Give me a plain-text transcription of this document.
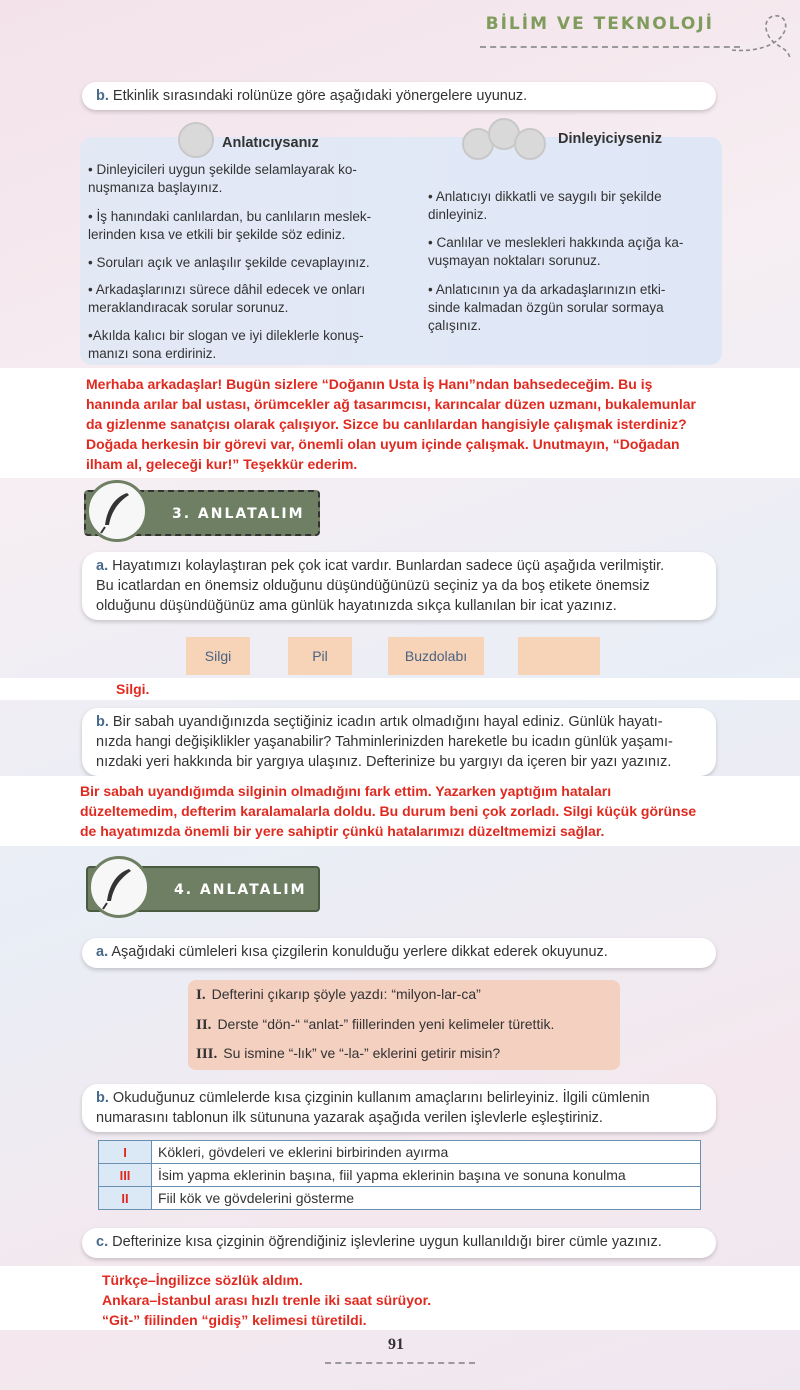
BİLİM VE TEKNOLOJİ
b. Etkinlik sırasındaki rolünüze göre aşağıdaki yönergelere uyunuz.
Anlatıcıysanız	Dinleyiciyseniz
• Dinleyicileri uygun şekilde selamlayarak ko-
nuşmanıza başlayınız.
• İş hanındaki canlılardan, bu canlıların meslek-
lerinden kısa ve etkili bir şekilde söz ediniz.
• Soruları açık ve anlaşılır şekilde cevaplayınız.
• Arkadaşlarınızı sürece dâhil edecek ve onları
meraklandıracak sorular sorunuz.
•Akılda kalıcı bir slogan ve iyi dileklerle konuş-
manızı sona erdiriniz.
• Anlatıcıyı dikkatli ve saygılı bir şekilde
dinleyiniz.
• Canlılar ve meslekleri hakkında açığa ka-
vuşmayan noktaları sorunuz.
• Anlatıcının ya da arkadaşlarınızın etki-
sinde kalmadan özgün sorular sormaya
çalışınız.
Merhaba arkadaşlar! Bugün sizlere “Doğanın Usta İş Hanı”ndan bahsedeceğim. Bu iş
hanında arılar bal ustası, örümcekler ağ tasarımcısı, karıncalar düzen uzmanı, bukalemunlar
da gizlenme sanatçısı olarak çalışıyor. Sizce bu canlılardan hangisiyle çalışmak isterdiniz?
Doğada herkesin bir görevi var, önemli olan uyum içinde çalışmak. Unutmayın, “Doğadan
ilham al, geleceği kur!” Teşekkür ederim.
3. ANLATALIM
a. Hayatımızı kolaylaştıran pek çok icat vardır. Bunlardan sadece üçü aşağıda verilmiştir.
Bu icatlardan en önemsiz olduğunu düşündüğünüzü seçiniz ya da boş etikete önemsiz
olduğunu düşündüğünüz ama günlük hayatınızda sıkça kullanılan bir icat yazınız.
Silgi	Pil	Buzdolabı
Silgi.
b. Bir sabah uyandığınızda seçtiğiniz icadın artık olmadığını hayal ediniz. Günlük hayatı-
nızda hangi değişiklikler yaşanabilir? Tahminlerinizden hareketle bu icadın günlük yaşamı-
nızdaki yeri hakkında bir yargıya ulaşınız. Defterinize bu yargıyı da içeren bir yazı yazınız.
Bir sabah uyandığımda silginin olmadığını fark ettim. Yazarken yaptığım hataları
düzeltemedim, defterim karalamalarla doldu. Bu durum beni çok zorladı. Silgi küçük görünse
de hayatımızda önemli bir yere sahiptir çünkü hatalarımızı düzeltmemizi sağlar.
4. ANLATALIM
a. Aşağıdaki cümleleri kısa çizgilerin konulduğu yerlere dikkat ederek okuyunuz.
I. Defterini çıkarıp şöyle yazdı: “milyon-lar-ca”
II. Derste “dön-“ “anlat-” fiillerinden yeni kelimeler türettik.
III. Su ismine “-lık” ve “-la-” eklerini getirir misin?
b. Okuduğunuz cümlelerde kısa çizginin kullanım amaçlarını belirleyiniz. İlgili cümlenin
numarasını tablonun ilk sütununa yazarak aşağıda verilen işlevlerle eşleştiriniz.
I	Kökleri, gövdeleri ve eklerini birbirinden ayırma
III	İsim yapma eklerinin başına, fiil yapma eklerinin başına ve sonuna konulma
II	Fiil kök ve gövdelerini gösterme
c. Defterinize kısa çizginin öğrendiğiniz işlevlerine uygun kullanıldığı birer cümle yazınız.
Türkçe–İngilizce sözlük aldım.
Ankara–İstanbul arası hızlı trenle iki saat sürüyor.
“Git-” fiilinden “gidiş” kelimesi türetildi.
91
